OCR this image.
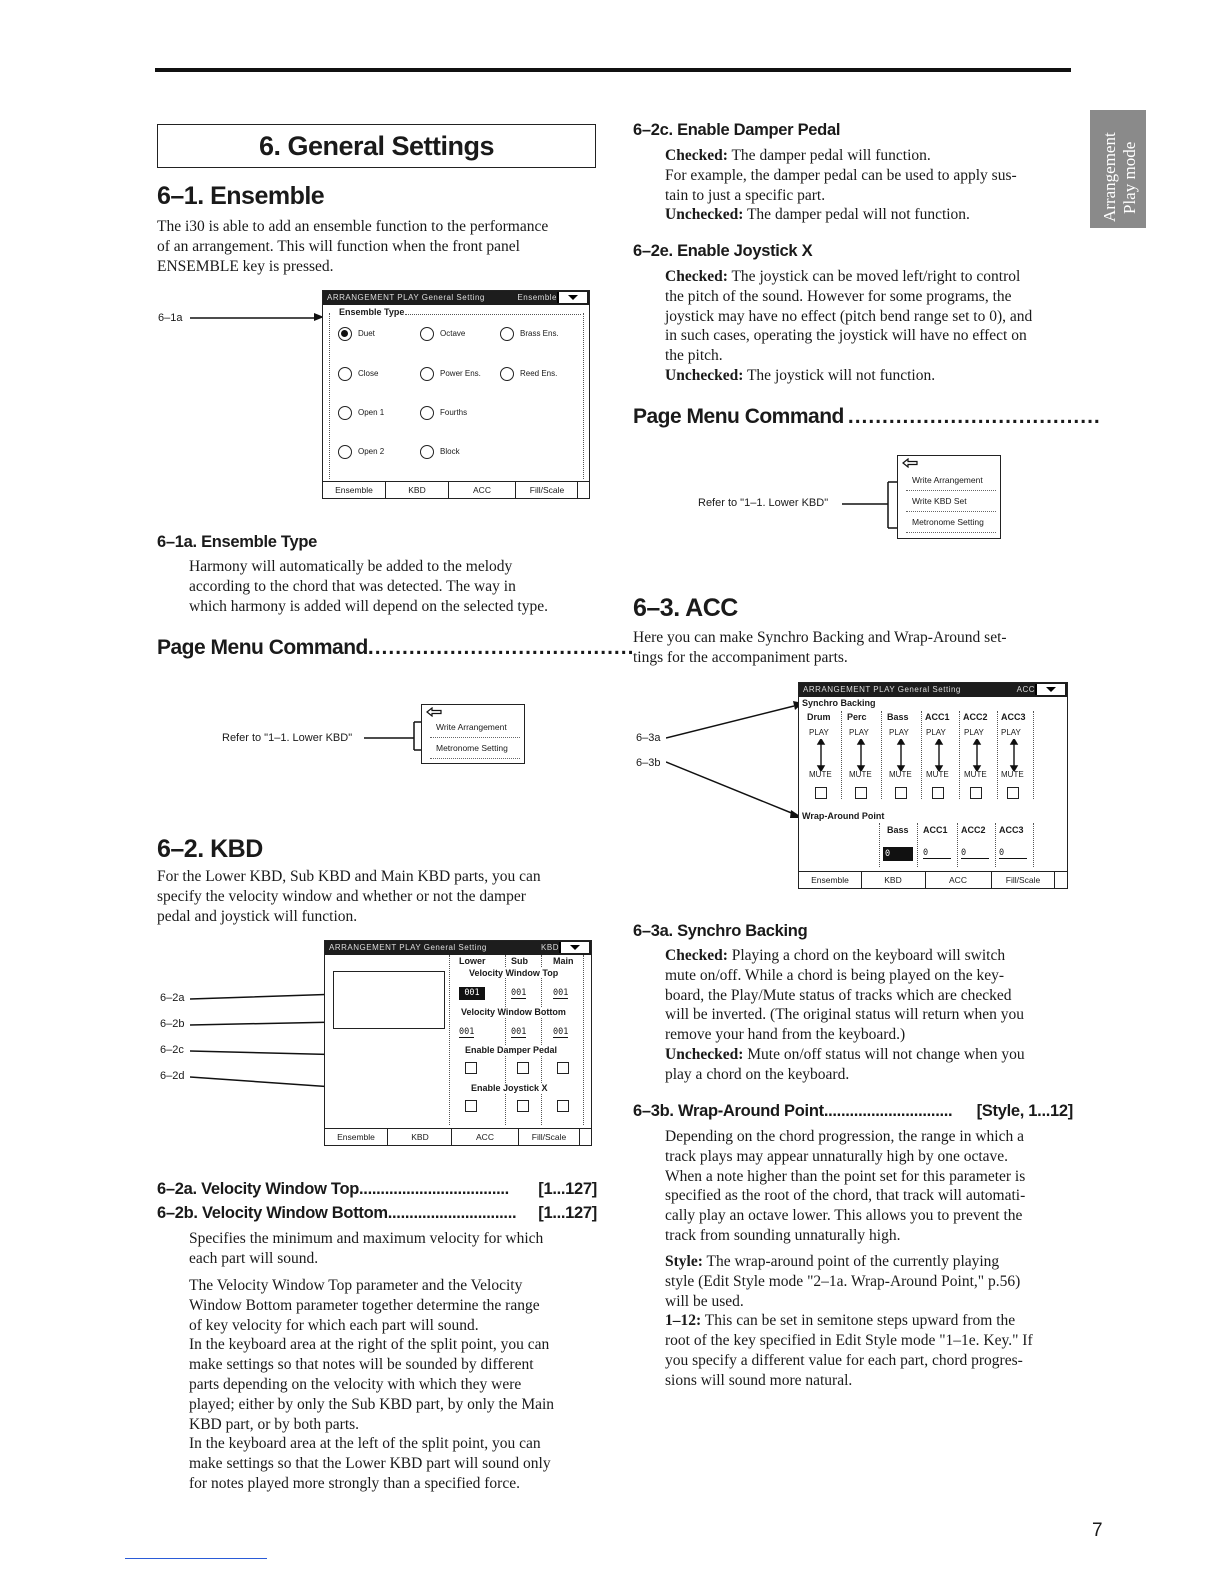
6. General Settings	Arrangement Play mode
6–1. Ensemble
The i30 is able to add an ensemble function to the performance
of an arrangement. This will function when the front panel
ENSEMBLE key is pressed.
6–1a
ARRANGEMENT PLAY General Setting	Ensemble
Ensemble Type
Duet	Octave	Brass Ens.
Close	Power Ens.	Reed Ens.
Open 1	Fourths
Open 2	Block
Ensemble	KBD	ACC	Fill/Scale
6–1a. Ensemble Type
Harmony will automatically be added to the melody
according to the chord that was detected. The way in
which harmony is added will depend on the selected type.
Page Menu Command.......................................
Refer to "1–1. Lower KBD"
Write Arrangement
Metronome Setting
6–2. KBD
For the Lower KBD, Sub KBD and Main KBD parts, you can
specify the velocity window and whether or not the damper
pedal and joystick will function.
6–2a
6–2b
6–2c
6–2d
ARRANGEMENT PLAY General Setting	KBD
Lower	Sub	Main
Velocity Window Top
001	001	001
Velocity Window Bottom
001	001	001
Enable Damper Pedal
Enable Joystick X
Ensemble	KBD	ACC	Fill/Scale
6–2a. Velocity Window Top................................... [1...127]
6–2b. Velocity Window Bottom.............................. [1...127]
Specifies the minimum and maximum velocity for which
each part will sound.
The Velocity Window Top parameter and the Velocity
Window Bottom parameter together determine the range
of key velocity for which each part will sound.
In the keyboard area at the right of the split point, you can
make settings so that notes will be sounded by different
parts depending on the velocity with which they were
played; either by only the Sub KBD part, by only the Main
KBD part, or by both parts.
In the keyboard area at the left of the split point, you can
make settings so that the Lower KBD part will sound only
for notes played more strongly than a specified force.
6–2c. Enable Damper Pedal
Checked: The damper pedal will function.
For example, the damper pedal can be used to apply sus-
tain to just a specific part.
Unchecked: The damper pedal will not function.
6–2e. Enable Joystick X
Checked: The joystick can be moved left/right to control
the pitch of the sound. However for some programs, the
joystick may have no effect (pitch bend range set to 0), and
in such cases, operating the joystick will have no effect on
the pitch.
Unchecked: The joystick will not function.
Page Menu Command .....................................
Refer to "1–1. Lower KBD"
Write Arrangement
Write KBD Set
Metronome Setting
6–3. ACC
Here you can make Synchro Backing and Wrap-Around set-
tings for the accompaniment parts.
6–3a
6–3b
ARRANGEMENT PLAY General Setting	ACC
Synchro Backing
Drum Perc Bass ACC1 ACC2 ACC3
PLAY	PLAY	PLAY PLAY PLAY PLAY
MUTE MUTE MUTE MUTE MUTE MUTE
Wrap-Around Point
Bass ACC1 ACC2 ACC3
0	0	0	0
Ensemble	KBD	ACC	Fill/Scale
6–3a. Synchro Backing
Checked: Playing a chord on the keyboard will switch
mute on/off. While a chord is being played on the key-
board, the Play/Mute status of tracks which are checked
will be inverted. (The original status will return when you
remove your hand from the keyboard.)
Unchecked: Mute on/off status will not change when you
play a chord on the keyboard.
6–3b. Wrap-Around Point.............................. [Style, 1...12]
Depending on the chord progression, the range in which a
track plays may appear unnaturally high by one octave.
When a note higher than the point set for this parameter is
specified as the root of the chord, that track will automati-
cally play an octave lower. This allows you to prevent the
track from sounding unnaturally high.
Style: The wrap-around point of the currently playing
style (Edit Style mode "2–1a. Wrap-Around Point," p.56)
will be used.
1–12: This can be set in semitone steps upward from the
root of the key specified in Edit Style mode "1–1e. Key." If
you specify a different value for each part, chord progres-
sions will sound more natural.
7
